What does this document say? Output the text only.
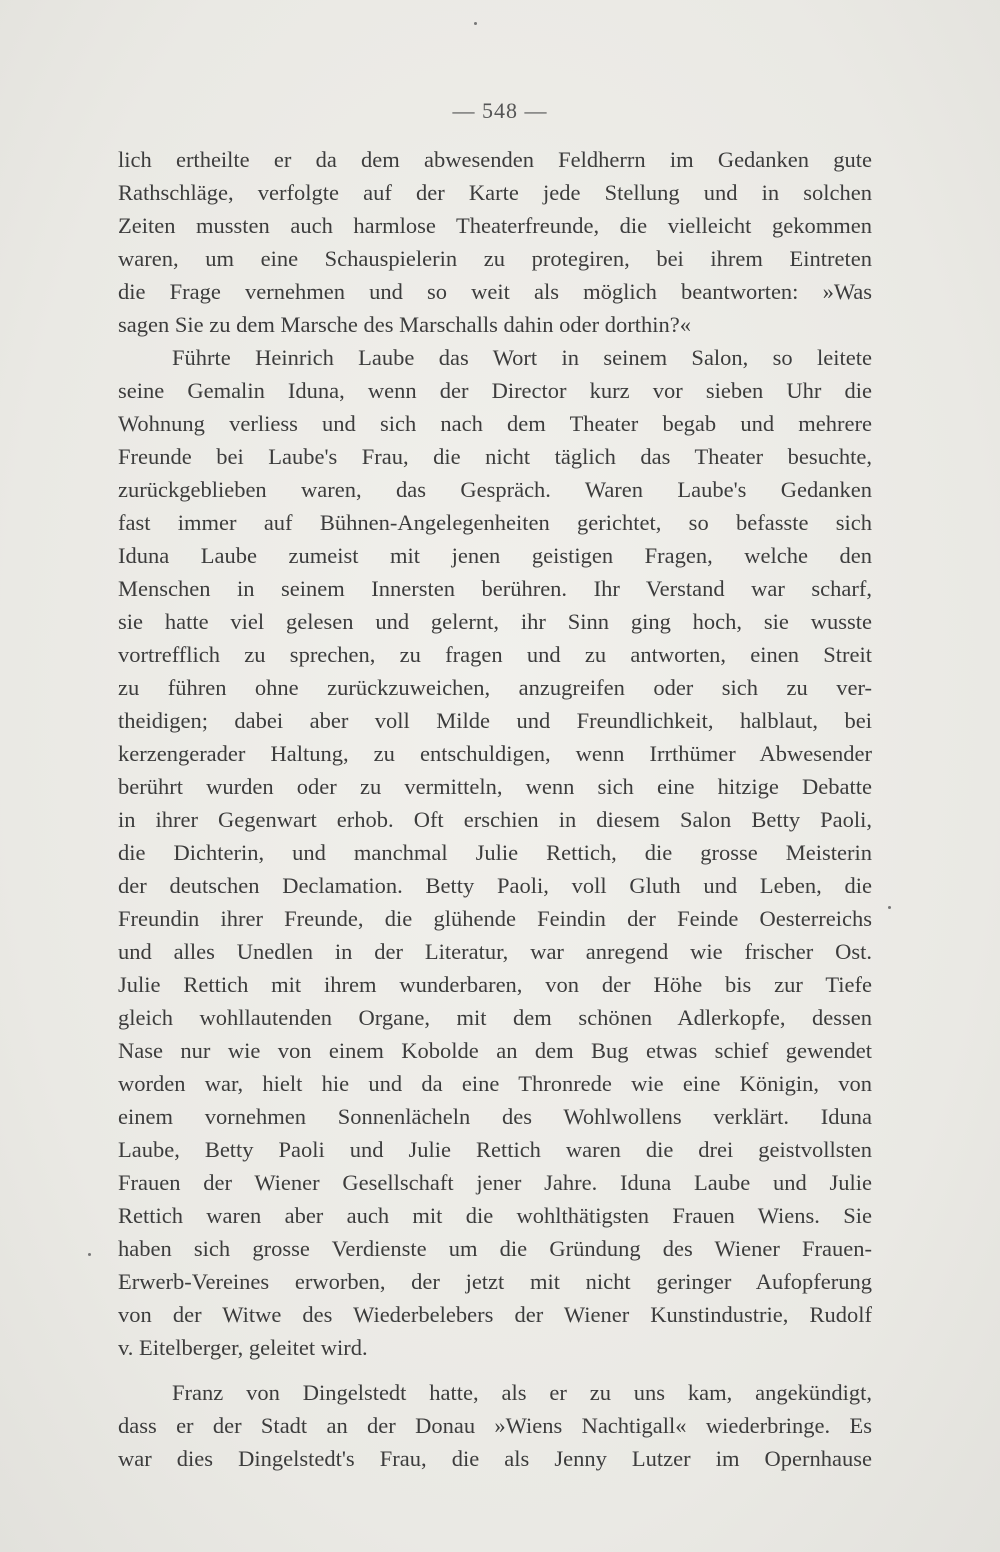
— 548 —
lich ertheilte er da dem abwesenden Feldherrn im Gedanken gute
Rathschläge, verfolgte auf der Karte jede Stellung und in solchen
Zeiten mussten auch harmlose Theaterfreunde, die vielleicht gekommen
waren, um eine Schauspielerin zu protegiren, bei ihrem Eintreten
die Frage vernehmen und so weit als möglich beantworten: »Was
sagen Sie zu dem Marsche des Marschalls dahin oder dorthin?«
Führte Heinrich Laube das Wort in seinem Salon, so leitete
seine Gemalin Iduna, wenn der Director kurz vor sieben Uhr die
Wohnung verliess und sich nach dem Theater begab und mehrere
Freunde bei Laube's Frau, die nicht täglich das Theater besuchte,
zurückgeblieben waren, das Gespräch. Waren Laube's Gedanken
fast immer auf Bühnen-Angelegenheiten gerichtet, so befasste sich
Iduna Laube zumeist mit jenen geistigen Fragen, welche den
Menschen in seinem Innersten berühren. Ihr Verstand war scharf,
sie hatte viel gelesen und gelernt, ihr Sinn ging hoch, sie wusste
vortrefflich zu sprechen, zu fragen und zu antworten, einen Streit
zu führen ohne zurückzuweichen, anzugreifen oder sich zu ver-
theidigen; dabei aber voll Milde und Freundlichkeit, halblaut, bei
kerzengerader Haltung, zu entschuldigen, wenn Irrthümer Abwesender
berührt wurden oder zu vermitteln, wenn sich eine hitzige Debatte
in ihrer Gegenwart erhob. Oft erschien in diesem Salon Betty Paoli,
die Dichterin, und manchmal Julie Rettich, die grosse Meisterin
der deutschen Declamation. Betty Paoli, voll Gluth und Leben, die
Freundin ihrer Freunde, die glühende Feindin der Feinde Oesterreichs
und alles Unedlen in der Literatur, war anregend wie frischer Ost.
Julie Rettich mit ihrem wunderbaren, von der Höhe bis zur Tiefe
gleich wohllautenden Organe, mit dem schönen Adlerkopfe, dessen
Nase nur wie von einem Kobolde an dem Bug etwas schief gewendet
worden war, hielt hie und da eine Thronrede wie eine Königin, von
einem vornehmen Sonnenlächeln des Wohlwollens verklärt. Iduna
Laube, Betty Paoli und Julie Rettich waren die drei geistvollsten
Frauen der Wiener Gesellschaft jener Jahre. Iduna Laube und Julie
Rettich waren aber auch mit die wohlthätigsten Frauen Wiens. Sie
haben sich grosse Verdienste um die Gründung des Wiener Frauen-
Erwerb-Vereines erworben, der jetzt mit nicht geringer Aufopferung
von der Witwe des Wiederbelebers der Wiener Kunstindustrie, Rudolf
v. Eitelberger, geleitet wird.
Franz von Dingelstedt hatte, als er zu uns kam, angekündigt,
dass er der Stadt an der Donau »Wiens Nachtigall« wiederbringe. Es
war dies Dingelstedt's Frau, die als Jenny Lutzer im Opernhause
